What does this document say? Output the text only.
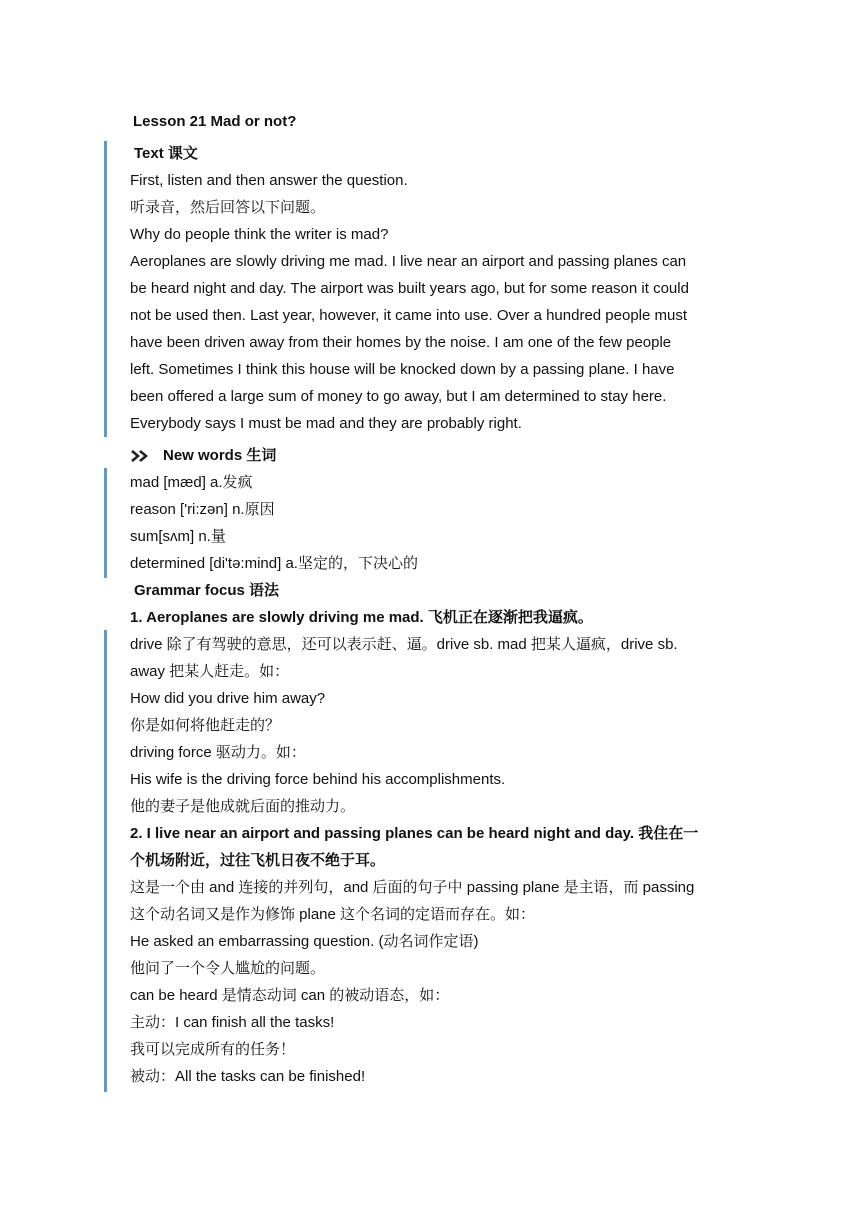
Lesson 21 Mad or not?
Text 课文
First, listen and then answer the question.
听录音，然后回答以下问题。
Why do people think the writer is mad?
Aeroplanes are slowly driving me mad. I live near an airport and passing planes can
be heard night and day. The airport was built years ago, but for some reason it could
not be used then. Last year, however, it came into use. Over a hundred people must
have been driven away from their homes by the noise. I am one of the few people
left. Sometimes I think this house will be knocked down by a passing plane. I have
been offered a large sum of money to go away, but I am determined to stay here.
Everybody says I must be mad and they are probably right.
New words 生词
mad [mæd] a.发疯
reason ['ri:zən] n.原因
sum[sʌm] n.量
determined [di'tə:mind] a.坚定的，下决心的
Grammar focus 语法
1. Aeroplanes are slowly driving me mad. 飞机正在逐渐把我逼疯。
drive 除了有驾驶的意思，还可以表示赶、逼。drive sb. mad 把某人逼疯，drive sb.
away 把某人赶走。如：
How did you drive him away?
你是如何将他赶走的？
driving force 驱动力。如：
His wife is the driving force behind his accomplishments.
他的妻子是他成就后面的推动力。
2. I live near an airport and passing planes can be heard night and day. 我住在一
个机场附近，过往飞机日夜不绝于耳。
这是一个由 and 连接的并列句，and 后面的句子中 passing plane 是主语，而 passing
这个动名词又是作为修饰 plane 这个名词的定语而存在。如：
He asked an embarrassing question. (动名词作定语)
他问了一个令人尴尬的问题。
can be heard 是情态动词 can 的被动语态，如：
主动：I can finish all the tasks!
我可以完成所有的任务！
被动：All the tasks can be finished!
